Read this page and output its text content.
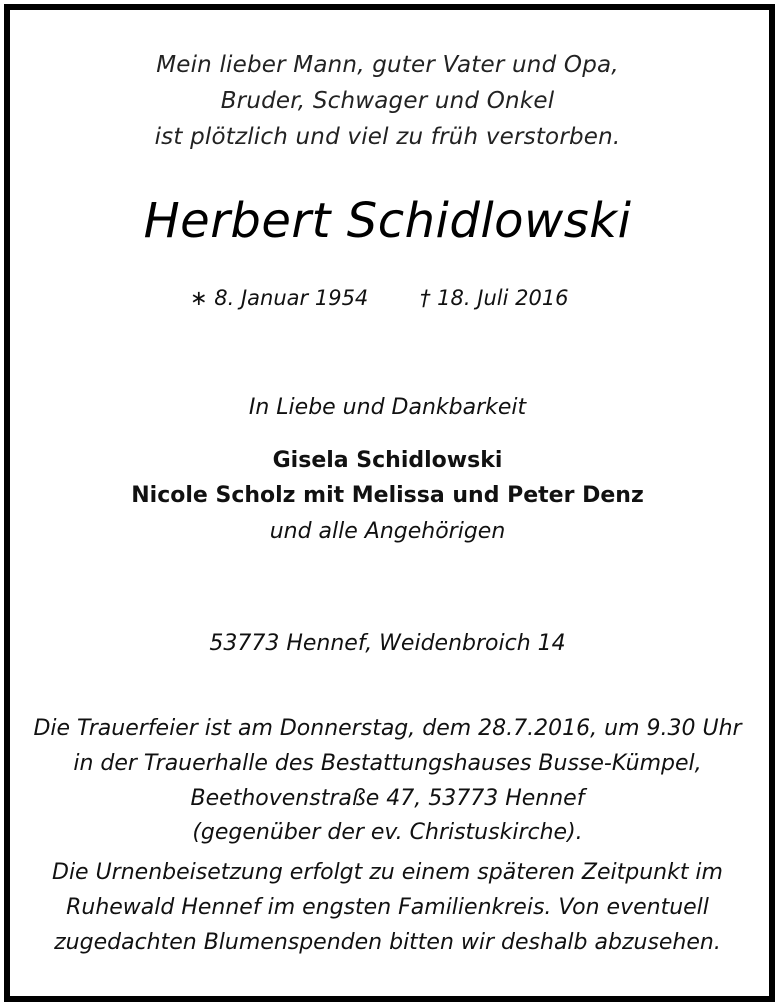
Mein lieber Mann, guter Vater und Opa,
Bruder, Schwager und Onkel
ist plötzlich und viel zu früh verstorben.
Herbert Schidlowski
∗ 8. Januar 1954 † 18. Juli 2016
In Liebe und Dankbarkeit
Gisela Schidlowski
Nicole Scholz mit Melissa und Peter Denz
und alle Angehörigen
53773 Hennef, Weidenbroich 14
Die Trauerfeier ist am Donnerstag, dem 28.7.2016, um 9.30 Uhr
in der Trauerhalle des Bestattungshauses Busse-Kümpel,
Beethovenstraße 47, 53773 Hennef
(gegenüber der ev. Christuskirche).
Die Urnenbeisetzung erfolgt zu einem späteren Zeitpunkt im
Ruhewald Hennef im engsten Familienkreis. Von eventuell
zugedachten Blumenspenden bitten wir deshalb abzusehen.
